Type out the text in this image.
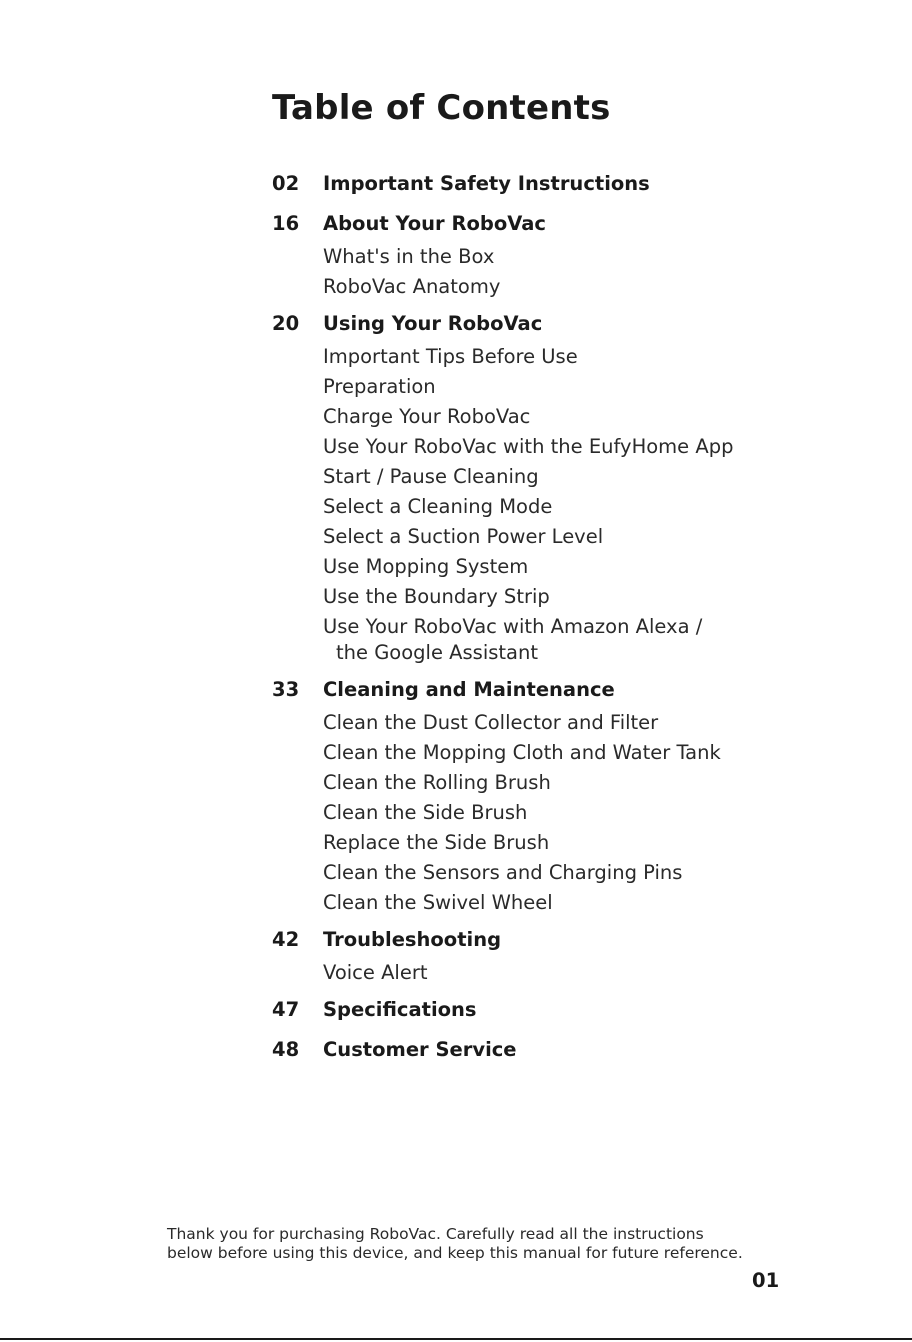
Table of Contents
02	Important Safety Instructions
16	About Your RoboVac
What's in the Box
RoboVac Anatomy
20	Using Your RoboVac
Important Tips Before Use
Preparation
Charge Your RoboVac
Use Your RoboVac with the EufyHome App
Start / Pause Cleaning
Select a Cleaning Mode
Select a Suction Power Level
Use Mopping System
Use the Boundary Strip
Use Your RoboVac with Amazon Alexa /
the Google Assistant
33	Cleaning and Maintenance
Clean the Dust Collector and Filter
Clean the Mopping Cloth and Water Tank
Clean the Rolling Brush
Clean the Side Brush
Replace the Side Brush
Clean the Sensors and Charging Pins
Clean the Swivel Wheel
42	Troubleshooting
Voice Alert
47	Specifications
48	Customer Service

Thank you for purchasing RoboVac. Carefully read all the instructions
below before using this device, and keep this manual for future reference.

01
